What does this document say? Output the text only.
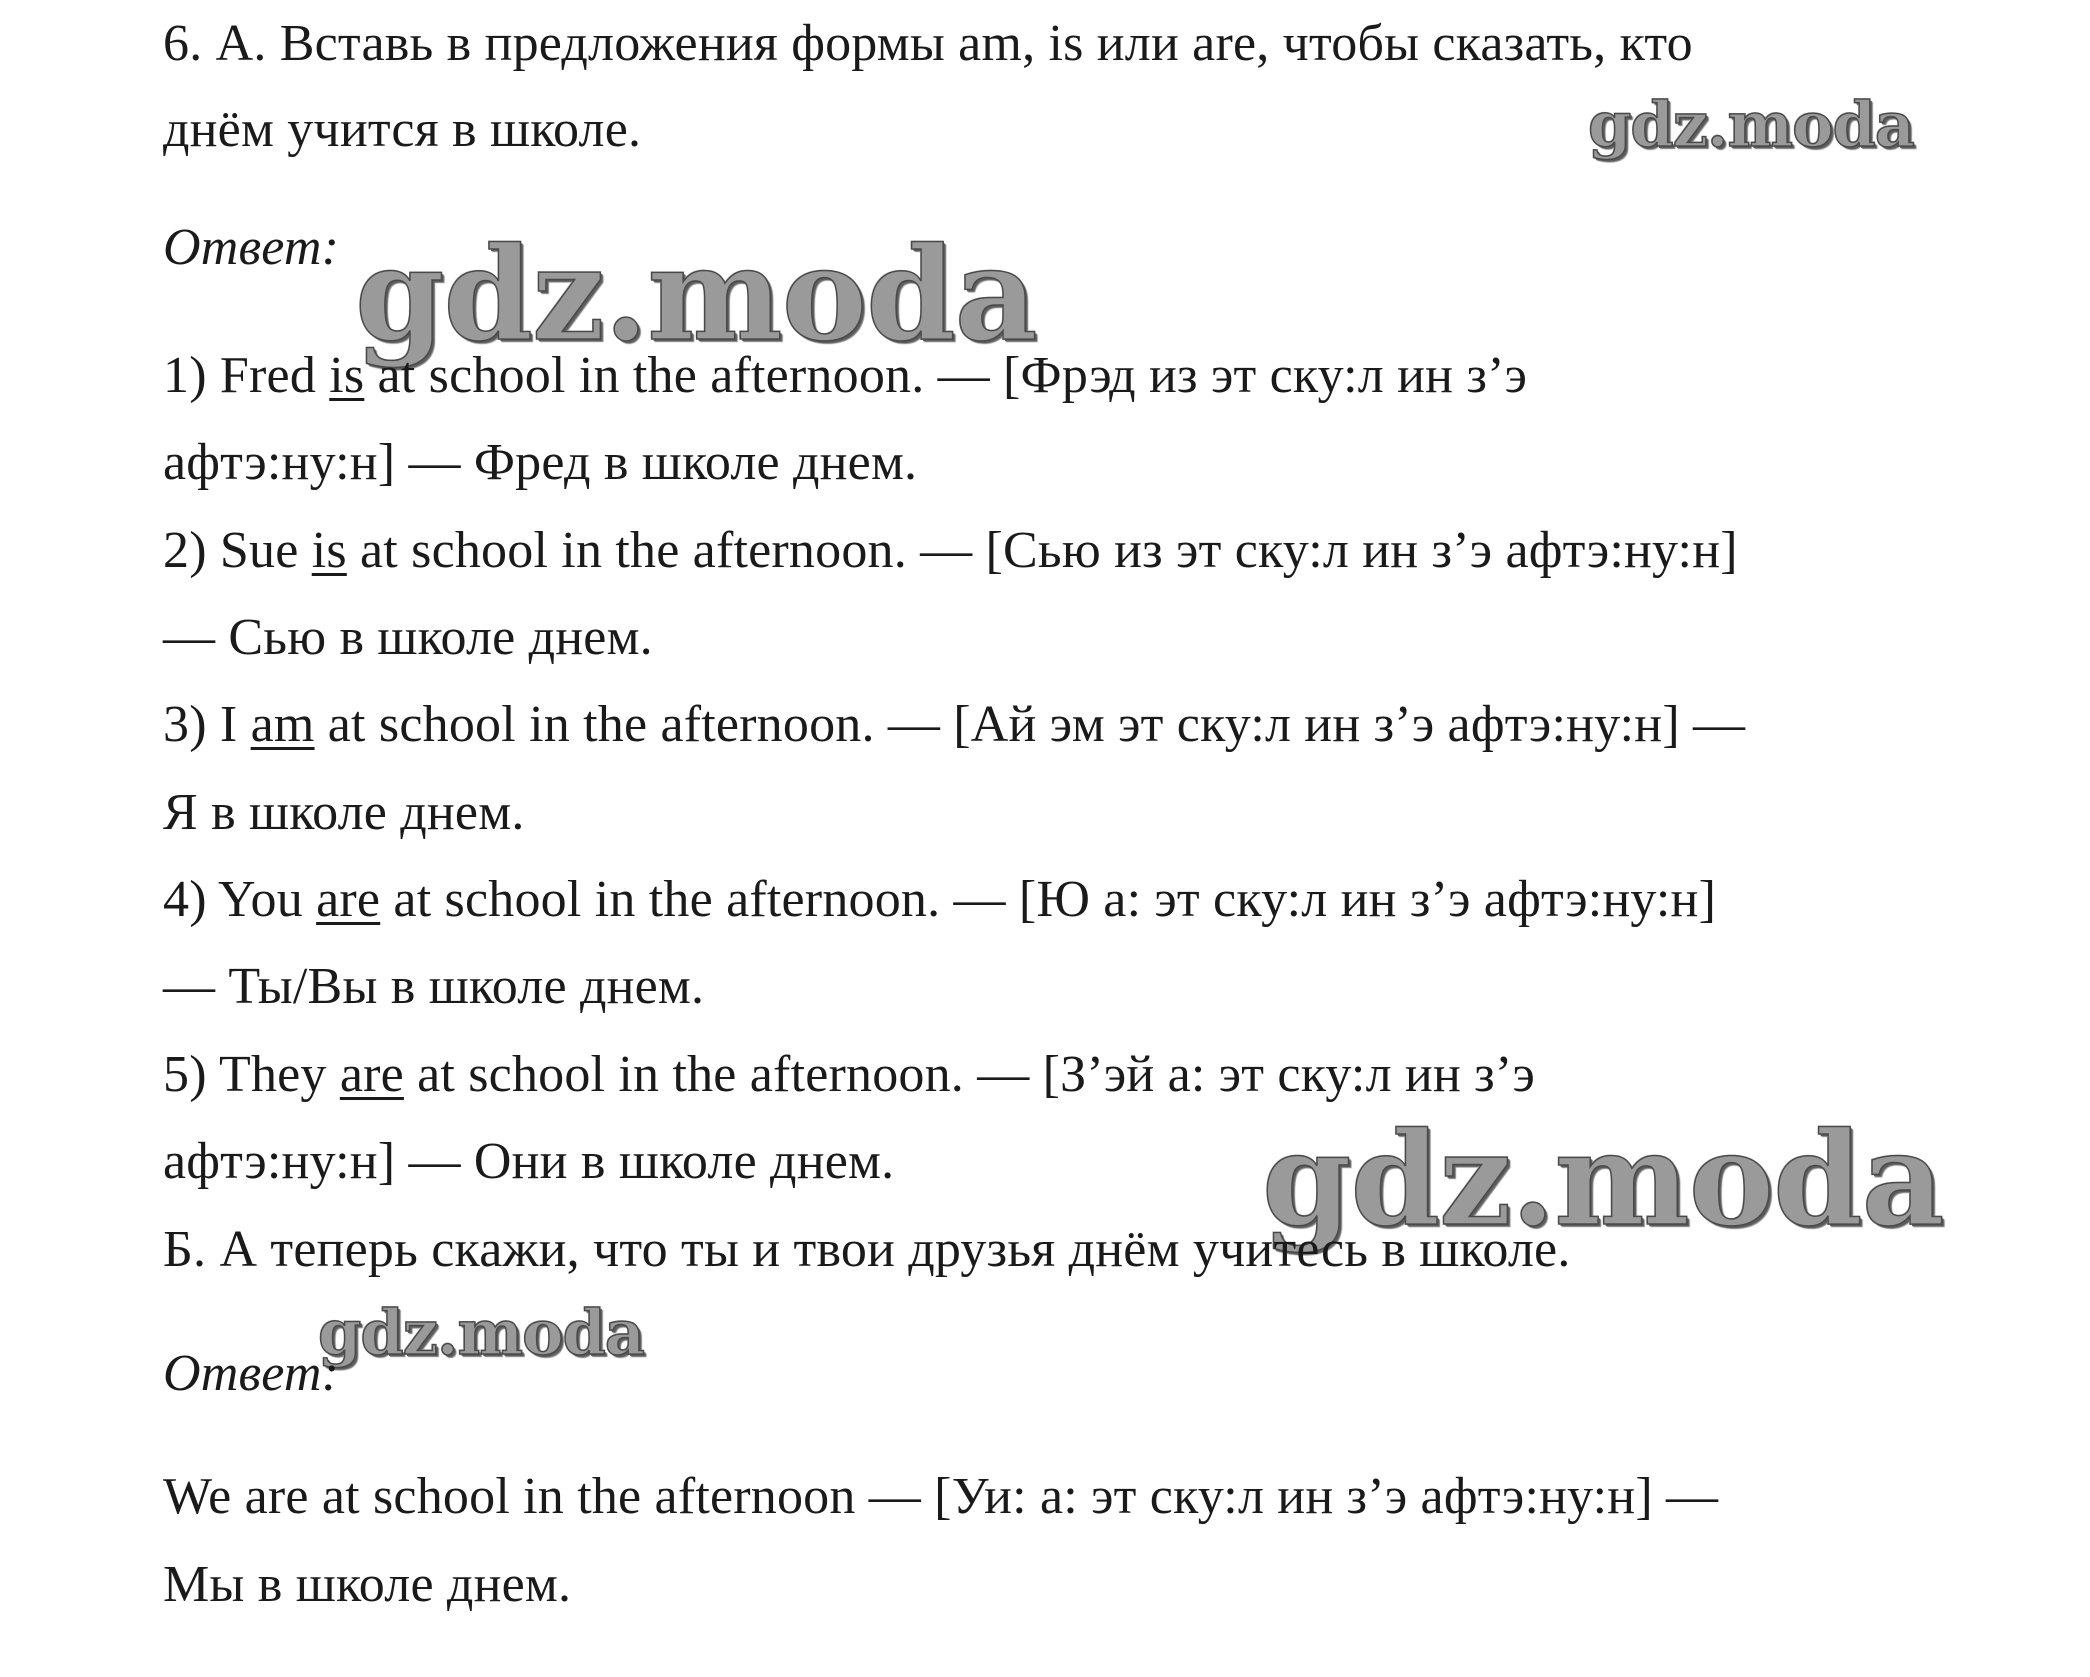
6. А. Вставь в предложения формы am, is или are, чтобы сказать, кто
днём учится в школе.	gdz.moda
Ответ: gdz.moda
1) Fred is at school in the afternoon. — [Фрэд из эт ску:л ин з’э
афтэ:ну:н] — Фред в школе днем.
2) Sue is at school in the afternoon. — [Сью из эт ску:л ин з’э афтэ:ну:н]
— Сью в школе днем.
3) I am at school in the afternoon. — [Ай эм эт ску:л ин з’э афтэ:ну:н] —
Я в школе днем.
4) You are at school in the afternoon. — [Ю а: эт ску:л ин з’э афтэ:ну:н]
— Ты/Вы в школе днем.
5) They are at school in the afternoon. — [З’эй а: эт ску:л ин з’э
афтэ:ну:н] — Они в школе днем.	gdz.moda
Б. А теперь скажи, что ты и твои друзья днём учитесь в школе.
gdz.moda
Ответ:
We are at school in the afternoon — [Уи: а: эт ску:л ин з’э афтэ:ну:н] —
Мы в школе днем.
